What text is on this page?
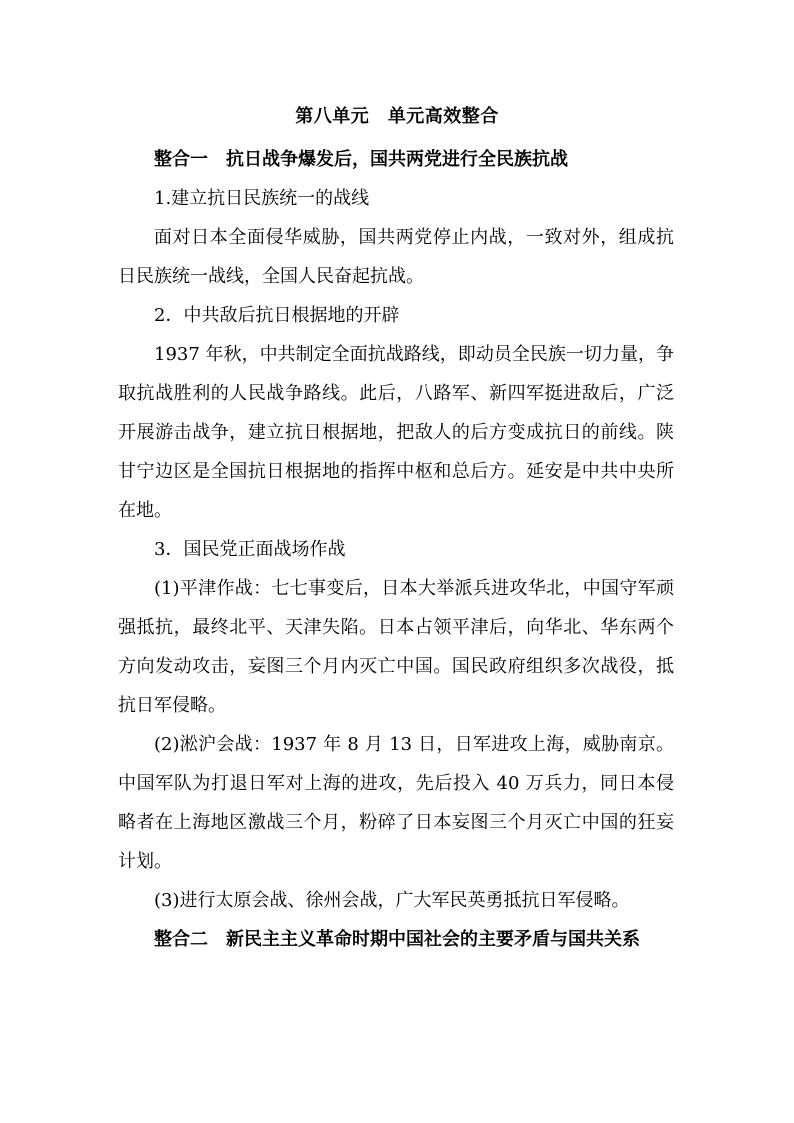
第八单元　单元高效整合

整合一　抗日战争爆发后，国共两党进行全民族抗战

1.建立抗日民族统一的战线

面对日本全面侵华威胁，国共两党停止内战，一致对外，组成抗日民族统一战线，全国人民奋起抗战。

2．中共敌后抗日根据地的开辟

1937 年秋，中共制定全面抗战路线，即动员全民族一切力量，争取抗战胜利的人民战争路线。此后，八路军、新四军挺进敌后，广泛开展游击战争，建立抗日根据地，把敌人的后方变成抗日的前线。陕甘宁边区是全国抗日根据地的指挥中枢和总后方。延安是中共中央所在地。

3．国民党正面战场作战

(1)平津作战：七七事变后，日本大举派兵进攻华北，中国守军顽强抵抗，最终北平、天津失陷。日本占领平津后，向华北、华东两个方向发动攻击，妄图三个月内灭亡中国。国民政府组织多次战役，抵抗日军侵略。

(2)淞沪会战：1937 年 8 月 13 日，日军进攻上海，威胁南京。中国军队为打退日军对上海的进攻，先后投入 40 万兵力，同日本侵略者在上海地区激战三个月，粉碎了日本妄图三个月灭亡中国的狂妄计划。

(3)进行太原会战、徐州会战，广大军民英勇抵抗日军侵略。

整合二　新民主主义革命时期中国社会的主要矛盾与国共关系
